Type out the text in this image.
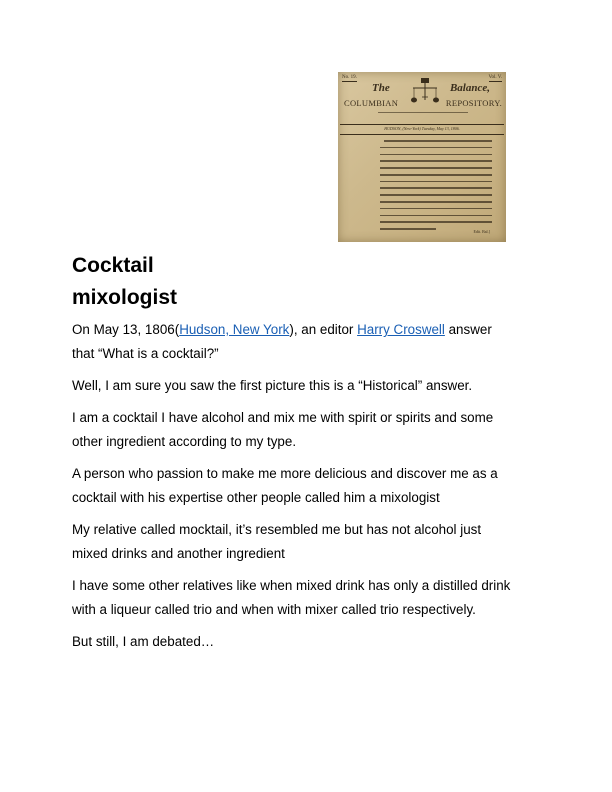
No. 19.	Vol. V.
The	Balance,
COLUMBIAN	REPOSITORY.
HUDSON, (New-York) Tuesday, May 13, 1806.
Edit. Bal.]
Cocktail
mixologist
On May 13, 1806(Hudson, New York), an editor Harry Croswell answer
that “What is a cocktail?”
Well, I am sure you saw the first picture this is a “Historical” answer.
I am a cocktail I have alcohol and mix me with spirit or spirits and some
other ingredient according to my type.
A person who passion to make me more delicious and discover me as a
cocktail with his expertise other people called him a mixologist
My relative called mocktail, it’s resembled me but has not alcohol just
mixed drinks and another ingredient
I have some other relatives like when mixed drink has only a distilled drink
with a liqueur called trio and when with mixer called trio respectively.
But still, I am debated…
